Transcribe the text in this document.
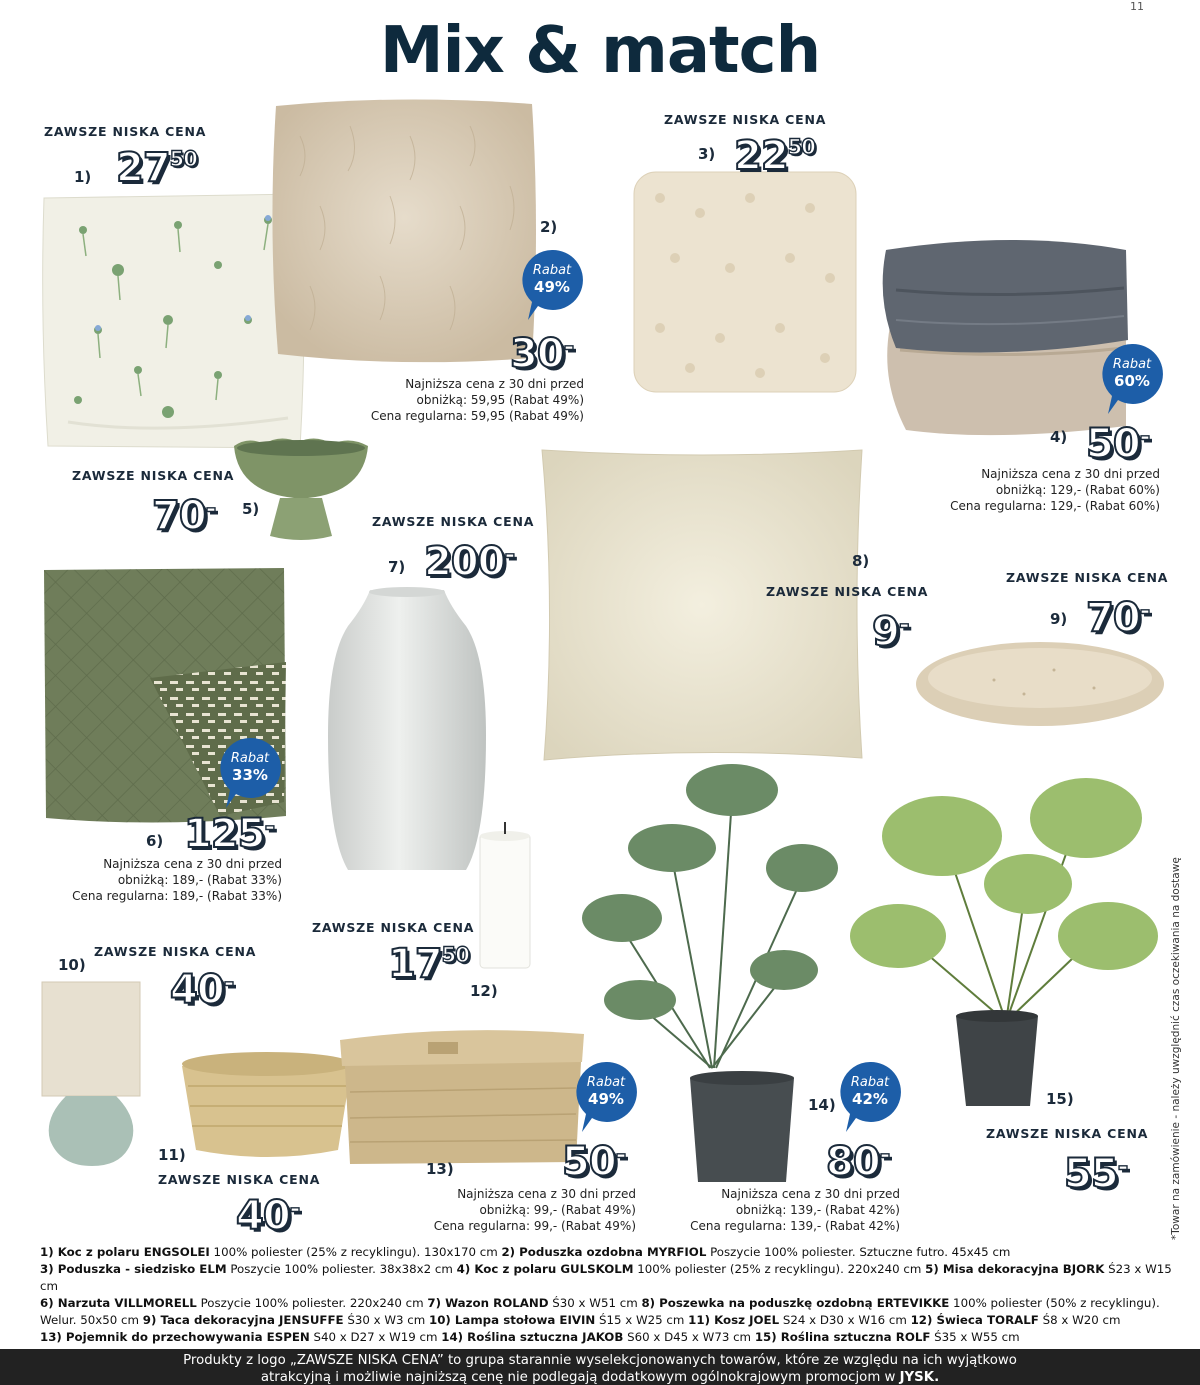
11
Mix & match
ZAWSZE NISKA CENA
1) $27^{50}$
2)
Rabat
49%
30-
Najniższa cena z 30 dni przed
obniżką: 59,95 (Rabat 49%)
Cena regularna: 59,95 (Rabat 49%)
ZAWSZE NISKA CENA
3) $22^{50}$
Rabat
60%
4) 50-
Najniższa cena z 30 dni przed
obniżką: 129,- (Rabat 60%)
Cena regularna: 129,- (Rabat 60%)
ZAWSZE NISKA CENA
70- 5)
Rabat
33%
6) 125-
Najniższa cena z 30 dni przed
obniżką: 189,- (Rabat 33%)
Cena regularna: 189,- (Rabat 33%)
ZAWSZE NISKA CENA
7) 200-	8)
ZAWSZE NISKA CENA
9-
ZAWSZE NISKA CENA
9) 70-
10)
ZAWSZE NISKA CENA
40-
11)
ZAWSZE NISKA CENA
40-
ZAWSZE NISKA CENA
$17^{50}$
12)
Rabat
49%
13)	50-
Najniższa cena z 30 dni przed
obniżką: 99,- (Rabat 49%)
Cena regularna: 99,- (Rabat 49%)
Rabat
42%
14)
80-
Najniższa cena z 30 dni przed
obniżką: 139,- (Rabat 42%)
Cena regularna: 139,- (Rabat 42%)
15)
ZAWSZE NISKA CENA
55-	*Towar na zamówienie - należy uwzględnić czas oczekiwania na dostawę
1) Koc z polaru ENGSOLEI 100% poliester (25% z recyklingu). 130x170 cm 2) Poduszka ozdobna MYRFIOL Poszycie 100% poliester. Sztuczne futro. 45x45 cm
3) Poduszka - siedzisko ELM Poszycie 100% poliester. 38x38x2 cm 4) Koc z polaru GULSKOLM 100% poliester (25% z recyklingu). 220x240 cm 5) Misa dekoracyjna BJORK Ś23 x W15 cm
6) Narzuta VILLMORELL Poszycie 100% poliester. 220x240 cm 7) Wazon ROLAND Ś30 x W51 cm 8) Poszewka na poduszkę ozdobną ERTEVIKKE 100% poliester (50% z recyklingu).
Welur. 50x50 cm 9) Taca dekoracyjna JENSUFFE Ś30 x W3 cm 10) Lampa stołowa EIVIN Ś15 x W25 cm 11) Kosz JOEL S24 x D30 x W16 cm 12) Świeca TORALF Ś8 x W20 cm
13) Pojemnik do przechowywania ESPEN S40 x D27 x W19 cm 14) Roślina sztuczna JAKOB S60 x D45 x W73 cm 15) Roślina sztuczna ROLF Ś35 x W55 cm
Produkty z logo „ZAWSZE NISKA CENA” to grupa starannie wyselekcjonowanych towarów, które ze względu na ich wyjątkowo
atrakcyjną i możliwie najniższą cenę nie podlegają dodatkowym ogólnokrajowym promocjom w JYSK.
